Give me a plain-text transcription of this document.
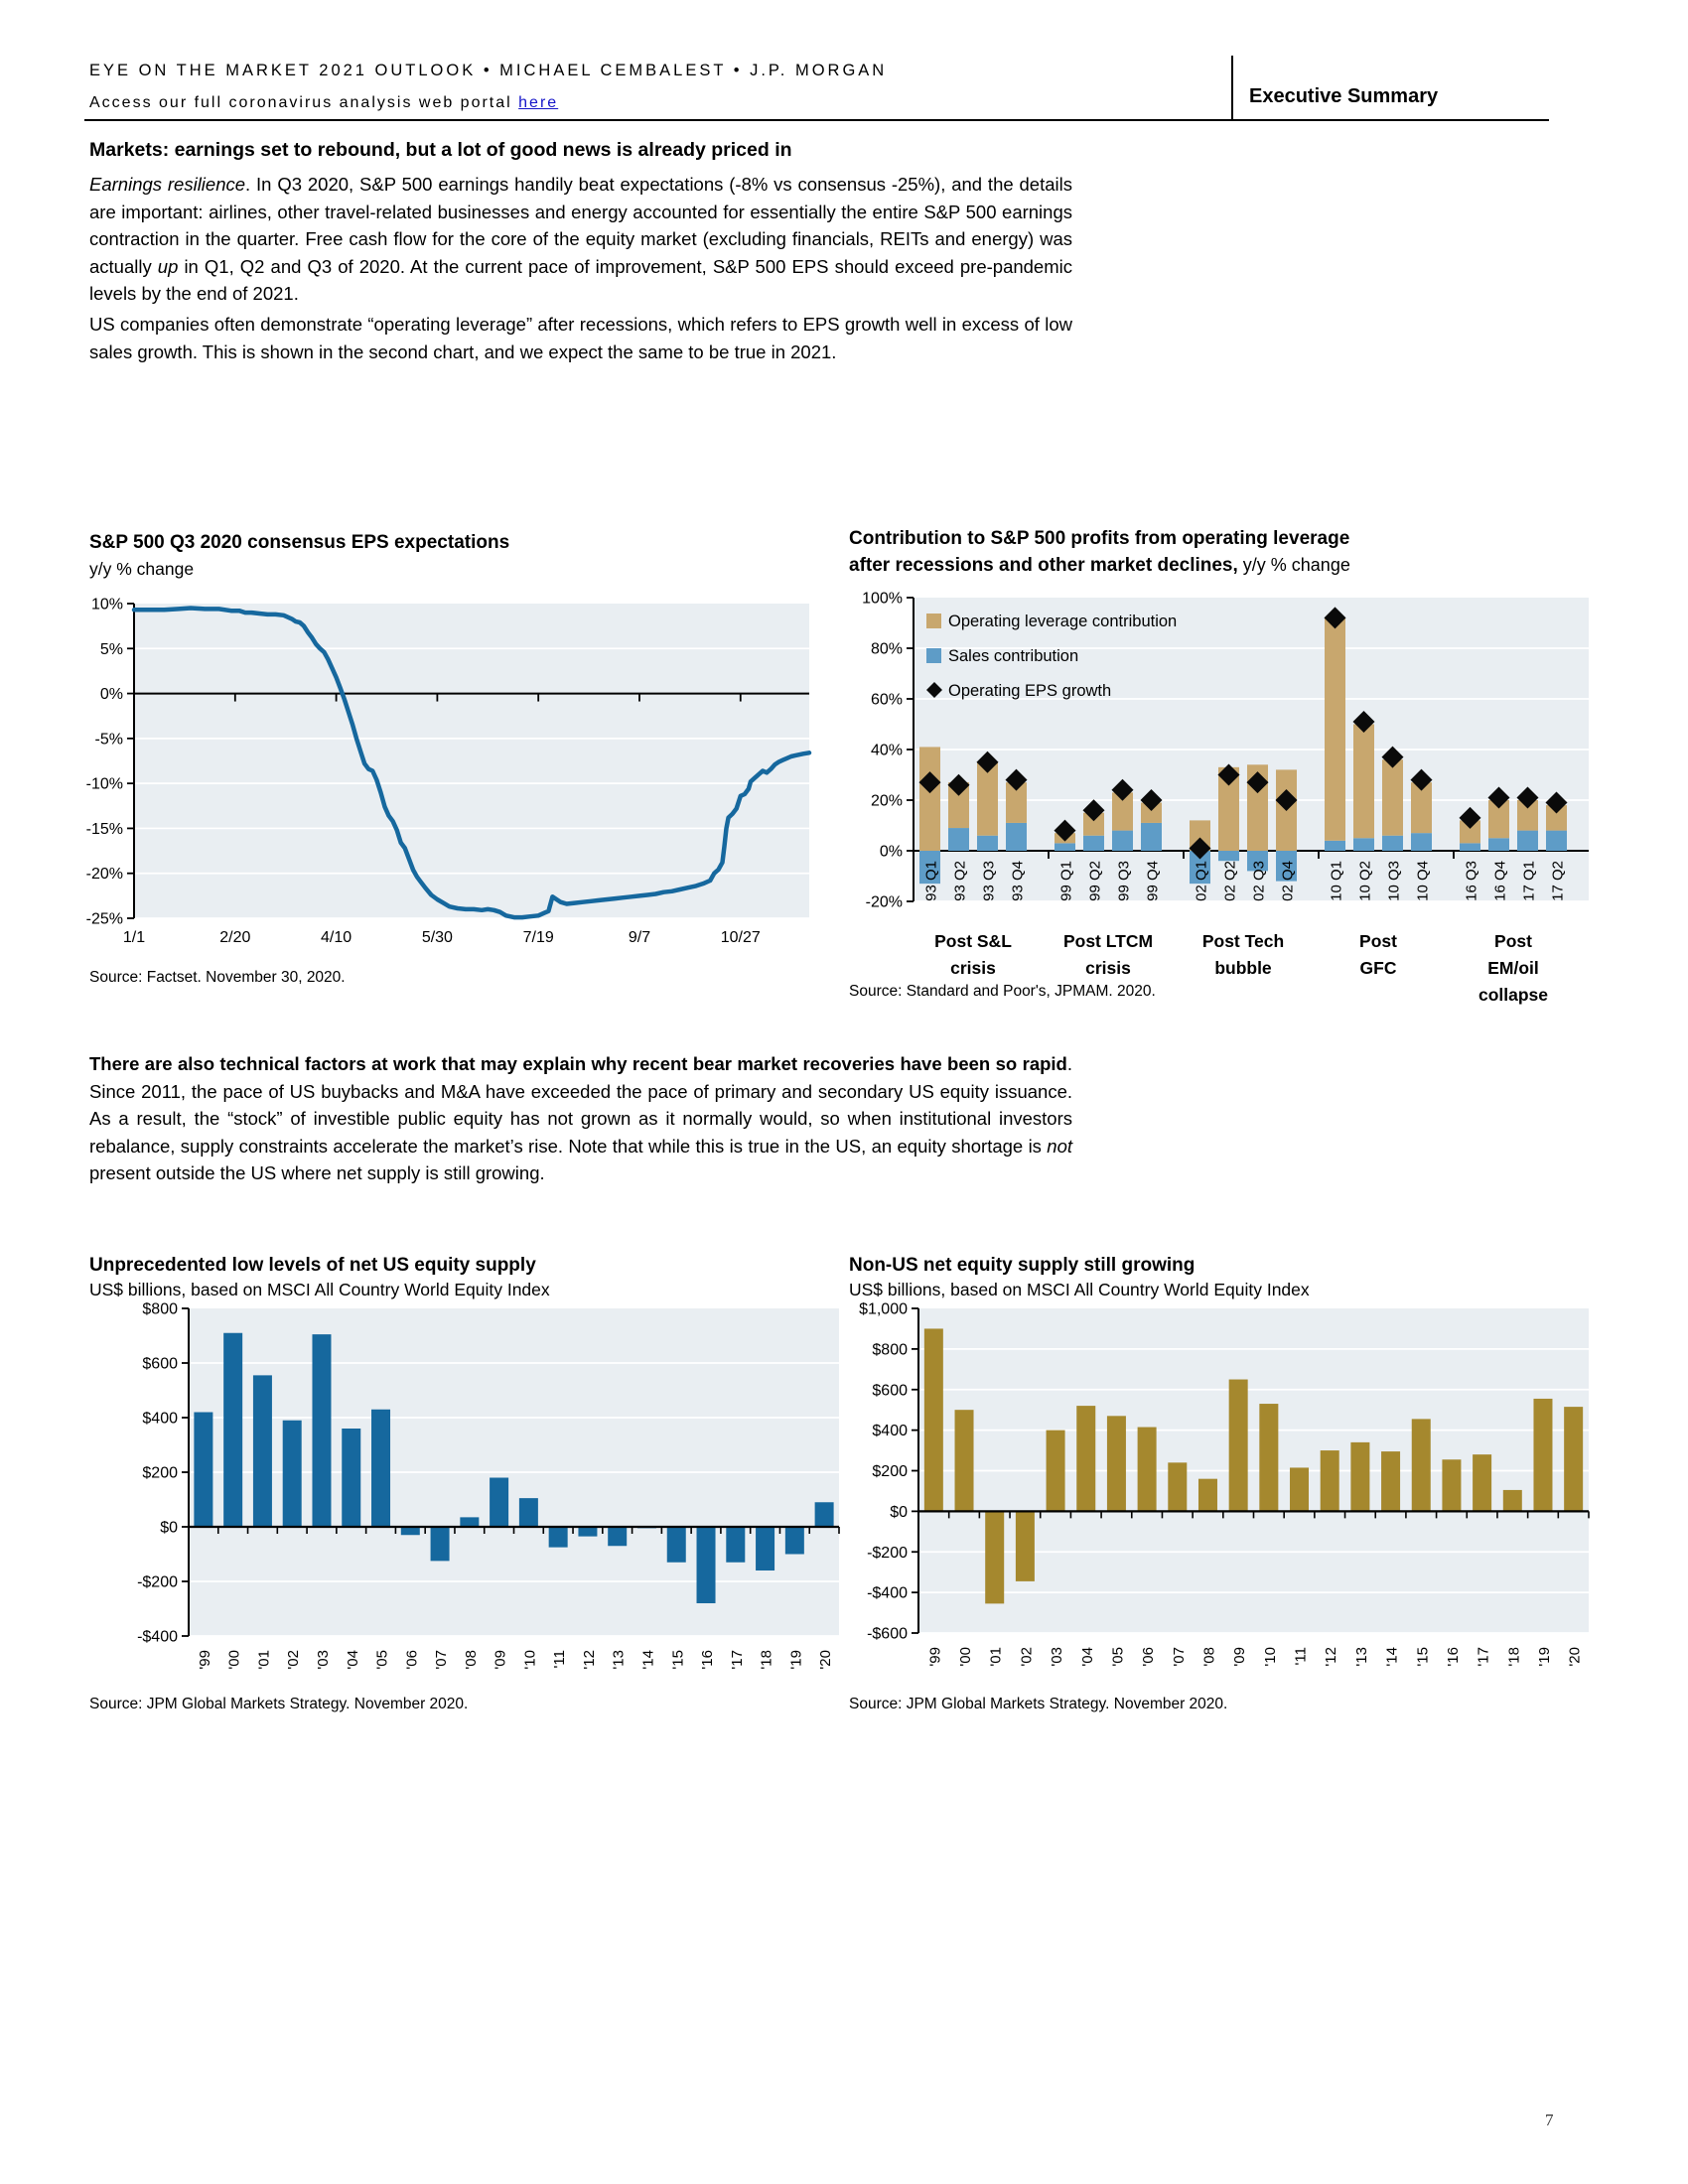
EYE ON THE MARKET 2021 OUTLOOK • MICHAEL CEMBALEST • J.P. MORGAN
Access our full coronavirus analysis web portal here	Executive Summary
Markets: earnings set to rebound, but a lot of good news is already priced in
Earnings resilience. In Q3 2020, S&P 500 earnings handily beat expectations (-8% vs consensus -25%), and the details are important: airlines, other travel-related businesses and energy accounted for essentially the entire S&P 500 earnings contraction in the quarter. Free cash flow for the core of the equity market (excluding financials, REITs and energy) was actually up in Q1, Q2 and Q3 of 2020. At the current pace of improvement, S&P 500 EPS should exceed pre-pandemic levels by the end of 2021.
US companies often demonstrate “operating leverage” after recessions, which refers to EPS growth well in excess of low sales growth. This is shown in the second chart, and we expect the same to be true in 2021.
S&P 500 Q3 2020 consensus EPS expectations
y/y % change
10%
5%
0%
-5%
-10%
-15%
-20%
-25%
1/1	2/20	4/10	5/30	7/19	9/7	10/27
Source: Factset. November 30, 2020.
Contribution to S&P 500 profits from operating leverage
after recessions and other market declines, y/y % change
100%
80%
60%
40%
20%
0%
-20%
Post S&L
crisis
Post LTCM
crisis
Post Tech
bubble
Post
GFC
Post
EM/oil
collapse
93 Q1 93 Q2 93 Q3 93 Q4 99 Q1 99 Q2 99 Q3 99 Q4 02 Q1 02 Q2 02 Q3 02 Q4 10 Q1 10 Q2 10 Q3 10 Q4 16 Q3 16 Q4 17 Q1 17 Q2
Operating leverage contribution
Sales contribution
Operating EPS growth
Source: Standard and Poor's, JPMAM. 2020.
There are also technical factors at work that may explain why recent bear market recoveries have been so rapid. Since 2011, the pace of US buybacks and M&A have exceeded the pace of primary and secondary US equity issuance. As a result, the “stock” of investible public equity has not grown as it normally would, so when institutional investors rebalance, supply constraints accelerate the market’s rise. Note that while this is true in the US, an equity shortage is not present outside the US where net supply is still growing.
Unprecedented low levels of net US equity supply
US$ billions, based on MSCI All Country World Equity Index
$800
$600
$400
$200
$0
-$200
-$400
'99 '00 '01 '02 '03 '04 '05 '06 '07 '08 '09 '10 '11 '12 '13 '14 '15 '16 '17 '18 '19 '20
Source: JPM Global Markets Strategy. November 2020.
Non-US net equity supply still growing
US$ billions, based on MSCI All Country World Equity Index
$1,000
$800
$600
$400
$200
$0
-$200
-$400
-$600
'99 '00 '01 '02 '03 '04 '05 '06 '07 '08 '09 '10 '11 '12 '13 '14 '15 '16 '17 '18 '19 '20
Source: JPM Global Markets Strategy. November 2020.
7
